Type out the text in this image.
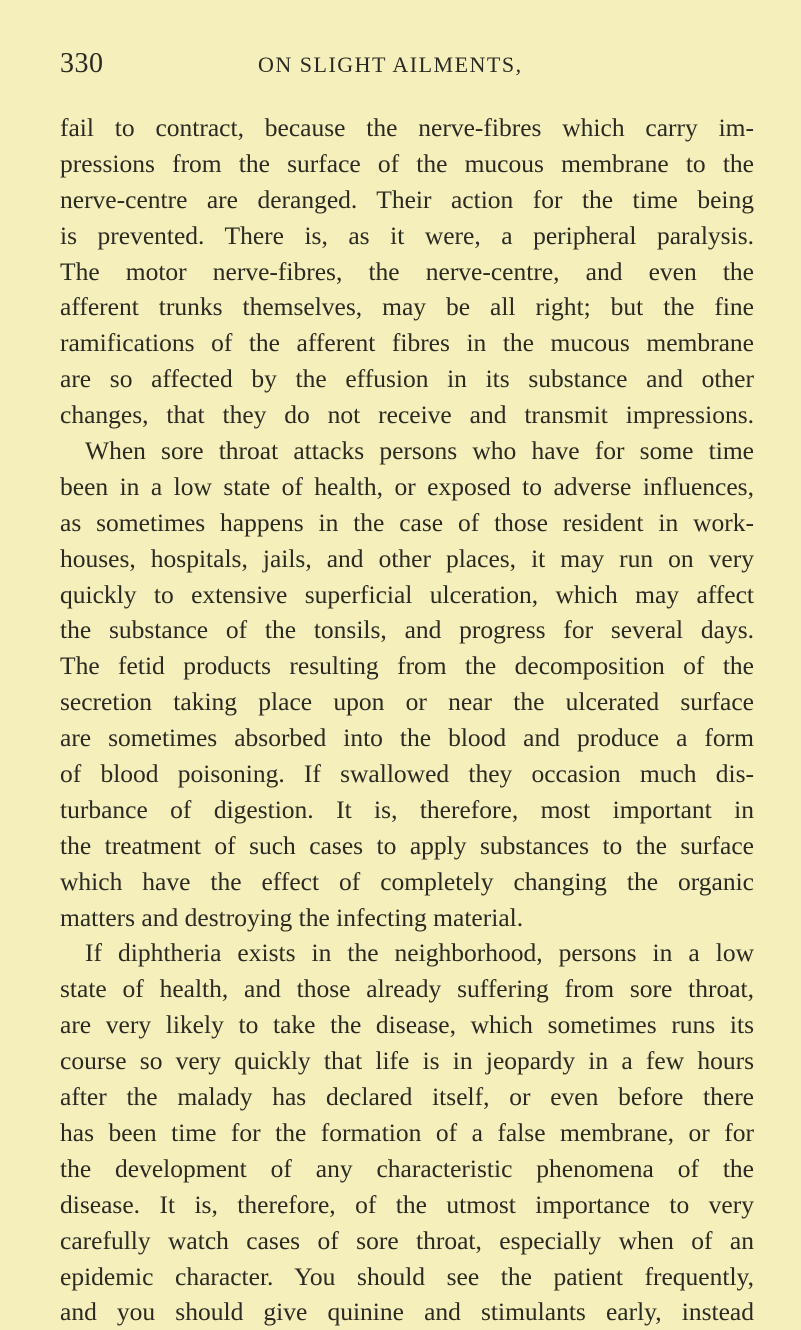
330	ON SLIGHT AILMENTS,
fail to contract, because the nerve-fibres which carry im-
pressions from the surface of the mucous membrane to the
nerve-centre are deranged. Their action for the time being
is prevented. There is, as it were, a peripheral paralysis.
The motor nerve-fibres, the nerve-centre, and even the
afferent trunks themselves, may be all right; but the fine
ramifications of the afferent fibres in the mucous membrane
are so affected by the effusion in its substance and other
changes, that they do not receive and transmit impressions.
When sore throat attacks persons who have for some time
been in a low state of health, or exposed to adverse influences,
as sometimes happens in the case of those resident in work-
houses, hospitals, jails, and other places, it may run on very
quickly to extensive superficial ulceration, which may affect
the substance of the tonsils, and progress for several days.
The fetid products resulting from the decomposition of the
secretion taking place upon or near the ulcerated surface
are sometimes absorbed into the blood and produce a form
of blood poisoning. If swallowed they occasion much dis-
turbance of digestion. It is, therefore, most important in
the treatment of such cases to apply substances to the surface
which have the effect of completely changing the organic
matters and destroying the infecting material.
If diphtheria exists in the neighborhood, persons in a low
state of health, and those already suffering from sore throat,
are very likely to take the disease, which sometimes runs its
course so very quickly that life is in jeopardy in a few hours
after the malady has declared itself, or even before there
has been time for the formation of a false membrane, or for
the development of any characteristic phenomena of the
disease. It is, therefore, of the utmost importance to very
carefully watch cases of sore throat, especially when of an
epidemic character. You should see the patient frequently,
and you should give quinine and stimulants early, instead
